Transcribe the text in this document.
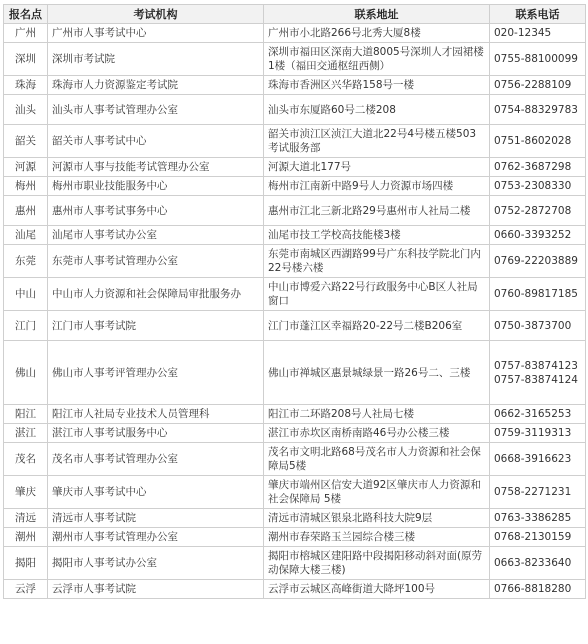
报名点	考试机构	联系地址	联系电话
广州	广州市人事考试中心	广州市小北路266号北秀大厦8楼	020-12345
深圳	深圳市考试院	深圳市福田区深南大道8005号深圳人才园裙楼1楼（福田交通枢纽西侧）	0755-88100099
珠海	珠海市人力资源鉴定考试院	珠海市香洲区兴华路158号一楼	0756-2288109
汕头	汕头市人事考试管理办公室	汕头市东厦路60号二楼208	0754-88329783
韶关	韶关市人事考试中心	韶关市浈江区浈江大道北22号4号楼五楼503考试服务部	0751-8602028
河源	河源市人事与技能考试管理办公室	河源大道北177号	0762-3687298
梅州	梅州市职业技能服务中心	梅州市江南新中路9号人力资源市场四楼	0753-2308330
惠州	惠州市人事考试事务中心	惠州市江北三新北路29号惠州市人社局二楼	0752-2872708
汕尾	汕尾市人事考试办公室	汕尾市技工学校高技能楼3楼	0660-3393252
东莞	东莞市人事考试管理办公室	东莞市南城区西湖路99号广东科技学院北门内22号楼六楼	0769-22203889
中山	中山市人力资源和社会保障局审批服务办	中山市博爱六路22号行政服务中心B区人社局窗口	0760-89817185
江门	江门市人事考试院	江门市蓬江区幸福路20-22号二楼B206室	0750-3873700
佛山	佛山市人事考评管理办公室	佛山市禅城区惠景城绿景一路26号二、三楼	0757-83874123
0757-83874124
阳江	阳江市人社局专业技术人员管理科	阳江市二环路208号人社局七楼	0662-3165253
湛江	湛江市人事考试服务中心	湛江市赤坎区南桥南路46号办公楼三楼	0759-3119313
茂名	茂名市人事考试管理办公室	茂名市文明北路68号茂名市人力资源和社会保障局5楼	0668-3916623
肇庆	肇庆市人事考试中心	肇庆市端州区信安大道92区肇庆市人力资源和社会保障局 5楼	0758-2271231
清远	清远市人事考试院	清远市清城区银泉北路科技大院9层	0763-3386285
潮州	潮州市人事考试管理办公室	潮州市春荣路玉兰园综合楼三楼	0768-2130159
揭阳	揭阳市人事考试办公室	揭阳市榕城区建阳路中段揭阳移动斜对面(原劳动保障大楼三楼)	0663-8233640
云浮	云浮市人事考试院	云浮市云城区高峰街道大降坪100号	0766-8818280
